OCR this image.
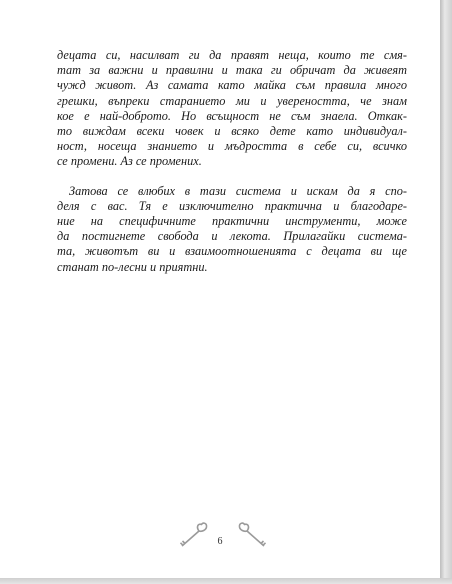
децата си, насилват ги да правят неща, които те смя-

тат за важни и правилни и така ги обричат да живеят

чужд живот. Аз самата като майка съм правила много

грешки, въпреки старанието ми и увереността, че знам

кое е най-доброто. Но всъщност не съм знаела. Откак-

то виждам всеки човек и всяко дете като индивидуал-

ност, носеща знанието и мъдростта в себе си, всичко

се промени. Аз се промених.

Затова се влюбих в тази система и искам да я спо-

деля с вас. Тя е изключително практична и благодаре-

ние на специфичните практични инструменти, може

да постигнете свобода и лекота. Прилагайки система-

та, животът ви и взаимоотношенията с децата ви ще

станат по-лесни и приятни.

6
